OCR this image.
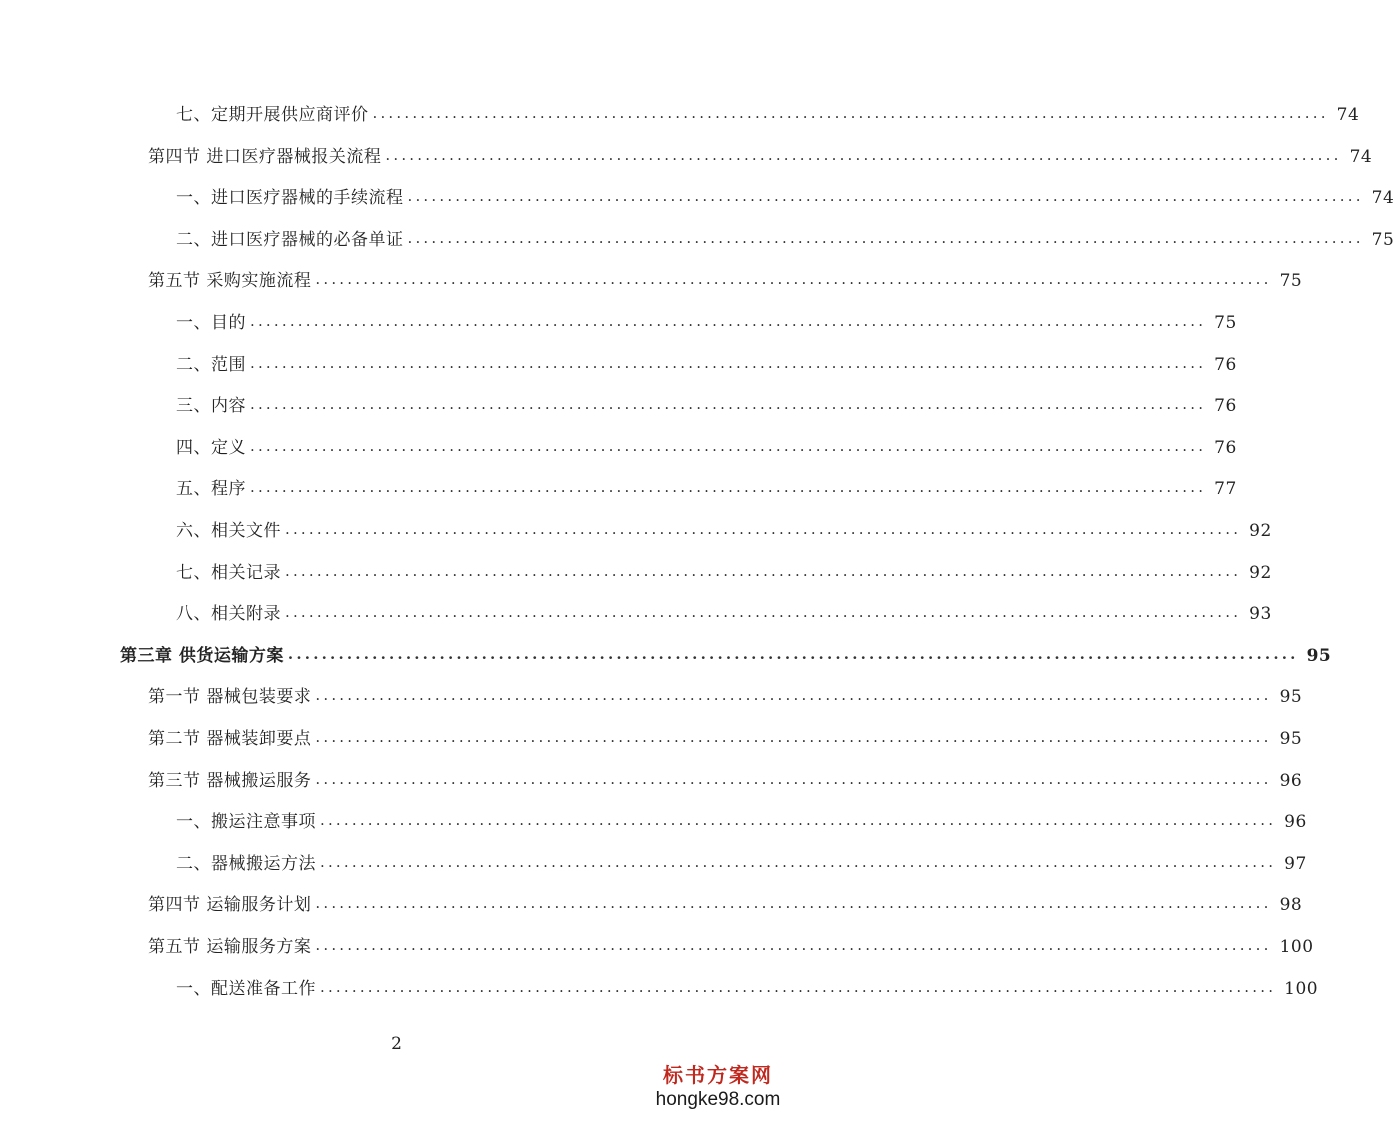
七、定期开展供应商评价 ........................................................................................................................ 74
第四节 进口医疗器械报关流程 ........................................................................................................................ 74
一、进口医疗器械的手续流程 ........................................................................................................................ 74
二、进口医疗器械的必备单证 ........................................................................................................................ 75
第五节 采购实施流程 ........................................................................................................................ 75
一、目的 ........................................................................................................................ 75
二、范围 ........................................................................................................................ 76
三、内容 ........................................................................................................................ 76
四、定义 ........................................................................................................................ 76
五、程序 ........................................................................................................................ 77
六、相关文件 ........................................................................................................................ 92
七、相关记录 ........................................................................................................................ 92
八、相关附录 ........................................................................................................................ 93
第三章 供货运输方案 ........................................................................................................................ 95
第一节 器械包装要求 ........................................................................................................................ 95
第二节 器械装卸要点 ........................................................................................................................ 95
第三节 器械搬运服务 ........................................................................................................................ 96
一、搬运注意事项 ........................................................................................................................ 96
二、器械搬运方法 ........................................................................................................................ 97
第四节 运输服务计划 ........................................................................................................................ 98
第五节 运输服务方案 ........................................................................................................................ 100
一、配送准备工作 ........................................................................................................................ 100
2
标书方案网
hongke98.com
